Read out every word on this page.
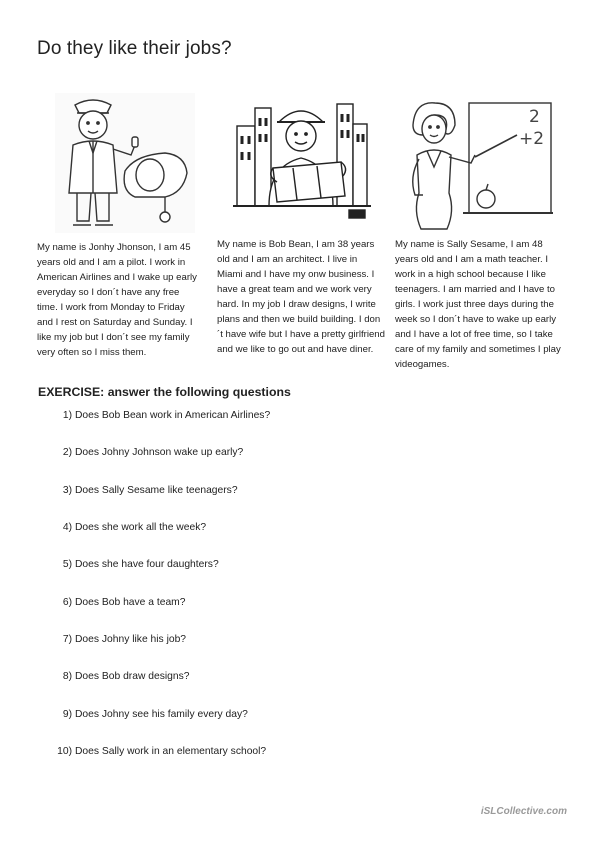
Do they like their jobs?
2
+2

My name is Jonhy Jhonson, I am 45 years old and I am a pilot. I work in American Airlines and I wake up early everyday so I don´t have any free time. I work from Monday to Friday and I rest on Saturday and Sunday. I like my job but I don´t see my family very often so I miss them.

My name is Bob Bean, I am 38 years old and I am an architect. I live in Miami and I have my onw business. I have a great team and we work very hard. In my job I draw designs, I write plans and then we build building. I don´t have wife but I have a pretty girlfriend and we like to go out and have diner.

My name is Sally Sesame, I am 48 years old and I am a math teacher. I work in a high school because I like teenagers. I am married and I have to girls. I work just three days during the week so I don´t have to wake up early and I have a lot of free time, so I take care of my family and sometimes I play videogames.

EXERCISE: answer the following questions
1) Does Bob Bean work in American Airlines?
2) Does Johny Johnson wake up early?
3) Does Sally Sesame like teenagers?
4) Does she work all the week?
5) Does she have four daughters?
6) Does Bob have a team?
7) Does Johny like his job?
8) Does Bob draw designs?
9) Does Johny see his family every day?
10) Does Sally work in an elementary school?
iSLCollective.com
